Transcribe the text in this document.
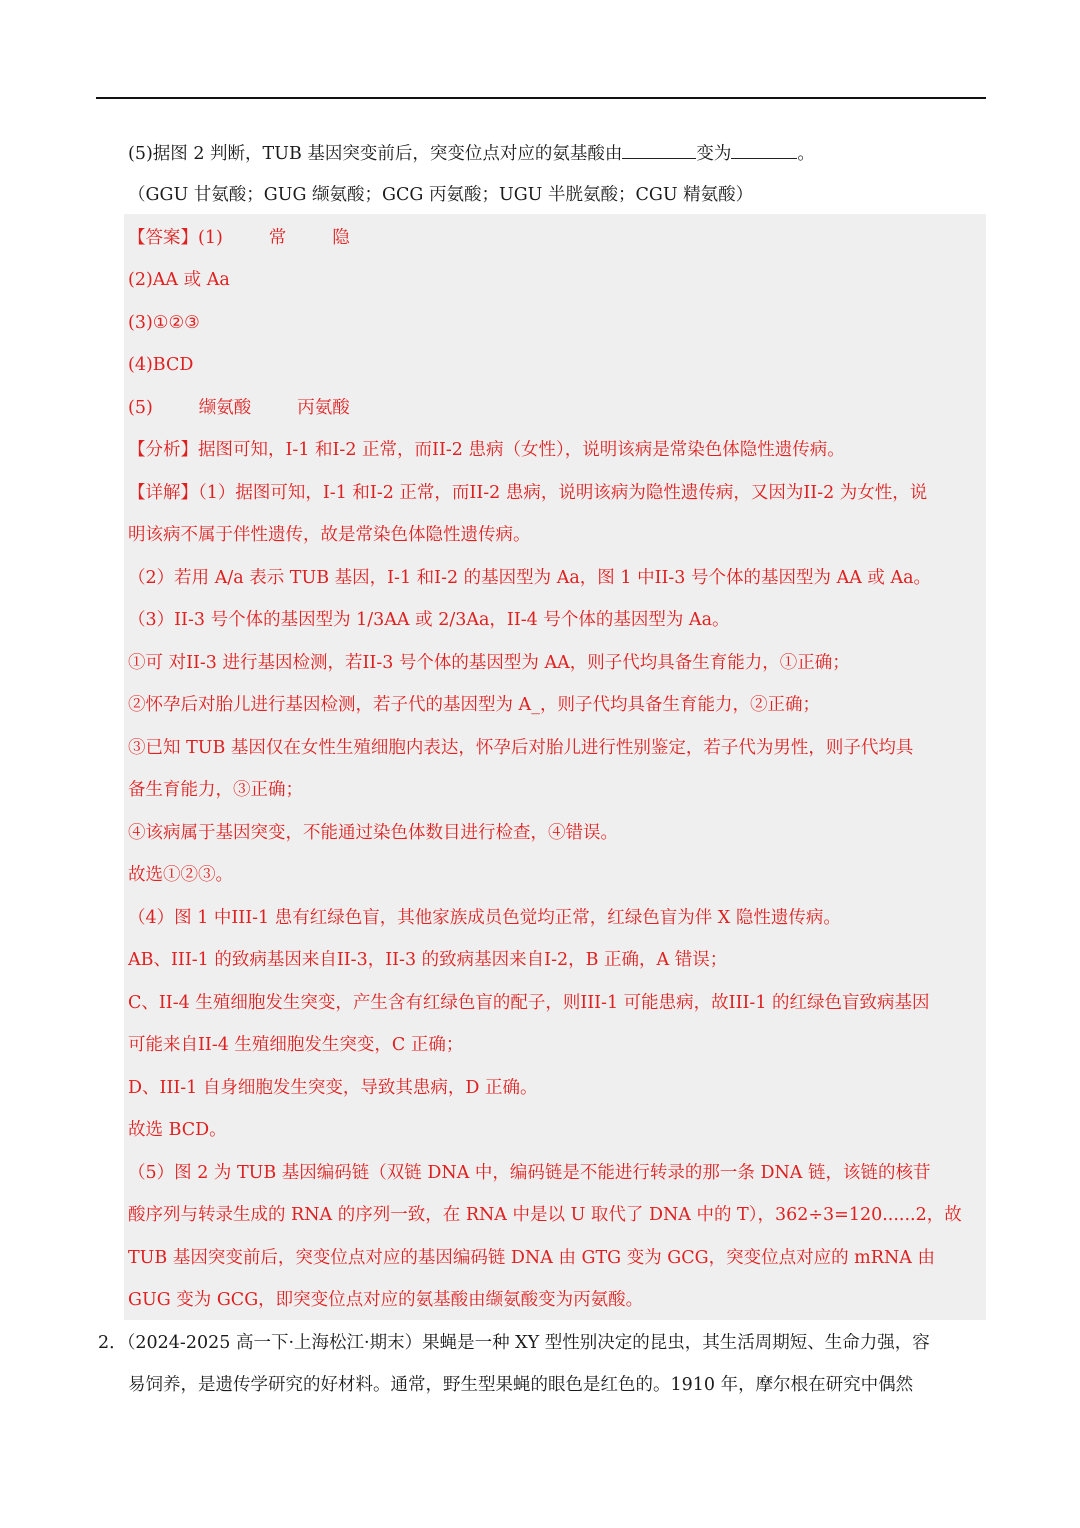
(5)据图 2 判断，TUB 基因突变前后，突变位点对应的氨基酸由	变为	。
（GGU 甘氨酸；GUG 缬氨酸；GCG 丙氨酸；UGU 半胱氨酸；CGU 精氨酸）
【答案】(1)	常	隐
(2)AA 或 Aa
(3)①②③
(4)BCD
(5)	缬氨酸	丙氨酸
【分析】据图可知，I-1 和I-2 正常，而II-2 患病（女性），说明该病是常染色体隐性遗传病。
【详解】（1）据图可知，I-1 和I-2 正常，而II-2 患病，说明该病为隐性遗传病，又因为II-2 为女性，说
明该病不属于伴性遗传，故是常染色体隐性遗传病。
（2）若用 A/a 表示 TUB 基因，I-1 和I-2 的基因型为 Aa，图 1 中II-3 号个体的基因型为 AA 或 Aa。
（3）II-3 号个体的基因型为 1/3AA 或 2/3Aa，II-4 号个体的基因型为 Aa。
①可 对II-3 进行基因检测，若II-3 号个体的基因型为 AA，则子代均具备生育能力，①正确；
②怀孕后对胎儿进行基因检测，若子代的基因型为 A_，则子代均具备生育能力，②正确；
③已知 TUB 基因仅在女性生殖细胞内表达，怀孕后对胎儿进行性别鉴定，若子代为男性，则子代均具
备生育能力，③正确；
④该病属于基因突变，不能通过染色体数目进行检查，④错误。
故选①②③。
（4）图 1 中III-1 患有红绿色盲，其他家族成员色觉均正常，红绿色盲为伴 X 隐性遗传病。
AB、III-1 的致病基因来自II-3，II-3 的致病基因来自I-2，B 正确，A 错误；
C、II-4 生殖细胞发生突变，产生含有红绿色盲的配子，则III-1 可能患病，故III-1 的红绿色盲致病基因
可能来自II-4 生殖细胞发生突变，C 正确；
D、III-1 自身细胞发生突变，导致其患病，D 正确。
故选 BCD。
（5）图 2 为 TUB 基因编码链（双链 DNA 中，编码链是不能进行转录的那一条 DNA 链，该链的核苷
酸序列与转录生成的 RNA 的序列一致，在 RNA 中是以 U 取代了 DNA 中的 T），362÷3=120......2，故
TUB 基因突变前后，突变位点对应的基因编码链 DNA 由 GTG 变为 GCG，突变位点对应的 mRNA 由
GUG 变为 GCG，即突变位点对应的氨基酸由缬氨酸变为丙氨酸。
2．（2024-2025 高一下·上海松江·期末）果蝇是一种 XY 型性别决定的昆虫，其生活周期短、生命力强，容
易饲养，是遗传学研究的好材料。通常，野生型果蝇的眼色是红色的。1910 年，摩尔根在研究中偶然
